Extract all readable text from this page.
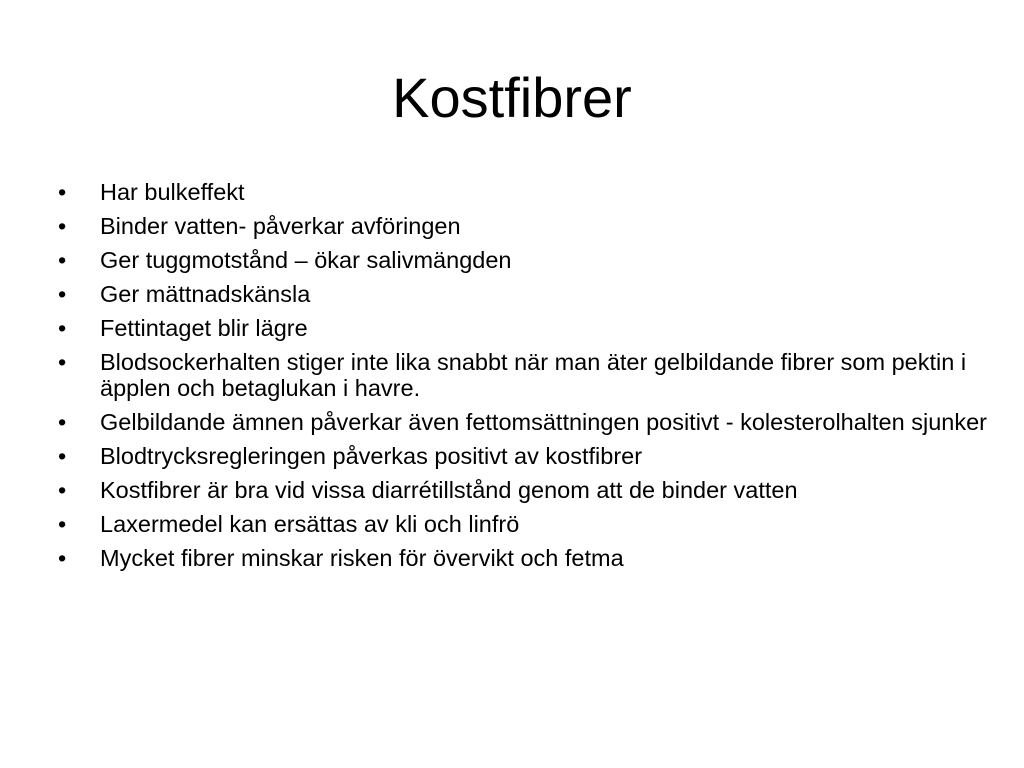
Kostfibrer
•	Har bulkeffekt
•	Binder vatten- påverkar avföringen
•	Ger tuggmotstånd – ökar salivmängden
•	Ger mättnadskänsla
•	Fettintaget blir lägre
•	Blodsockerhalten stiger inte lika snabbt när man äter gelbildande fibrer som pektin i äpplen och betaglukan i havre.
•	Gelbildande ämnen påverkar även fettomsättningen positivt - kolesterolhalten sjunker
•	Blodtrycksregleringen påverkas positivt av kostfibrer
•	Kostfibrer är bra vid vissa diarrétillstånd genom att de binder vatten
•	Laxermedel kan ersättas av kli och linfrö
•	Mycket fibrer minskar risken för övervikt och fetma
